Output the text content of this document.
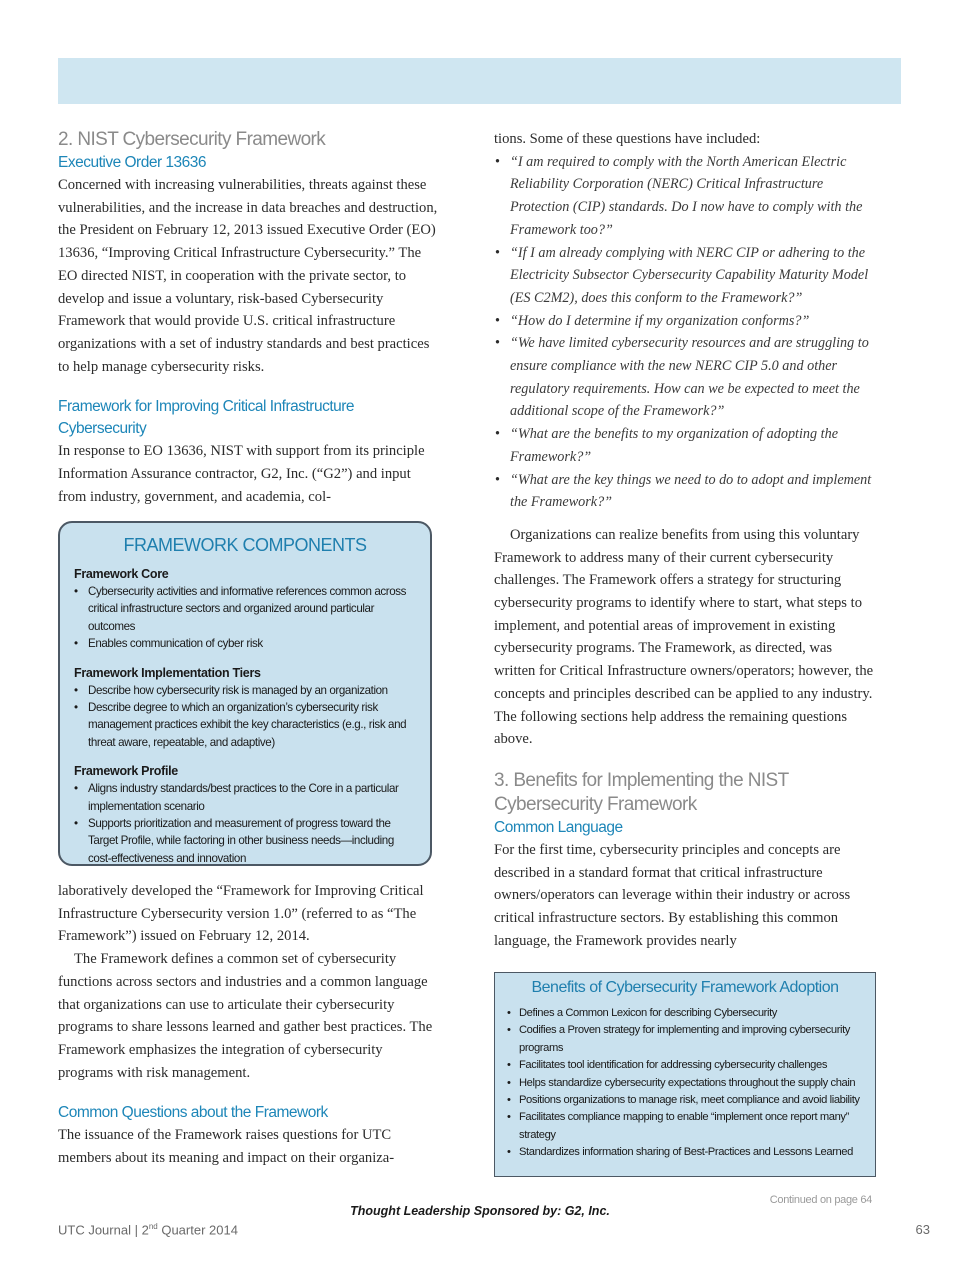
2. NIST Cybersecurity Framework
Executive Order 13636

Concerned with increasing vulnerabilities, threats against these vulnerabilities, and the increase in data breaches and destruction, the President on February 12, 2013 issued Executive Order (EO) 13636, “Improving Critical Infrastructure Cybersecurity.” The EO directed NIST, in cooperation with the private sector, to develop and issue a voluntary, risk-based Cybersecurity Framework that would provide U.S. critical infrastructure organizations with a set of industry standards and best practices to help manage cybersecurity risks.

Framework for Improving Critical Infrastructure Cybersecurity

In response to EO 13636, NIST with support from its principle Information Assurance contractor, G2, Inc. (“G2”) and input from industry, government, and academia, col-

FRAMEWORK COMPONENTS
Framework Core
• Cybersecurity activities and informative references common across critical infrastructure sectors and organized around particular outcomes
• Enables communication of cyber risk
Framework Implementation Tiers
• Describe how cybersecurity risk is managed by an organization
• Describe degree to which an organization’s cybersecurity risk management practices exhibit the key characteristics (e.g., risk and threat aware, repeatable, and adaptive)
Framework Profile
• Aligns industry standards/best practices to the Core in a particular implementation scenario
• Supports prioritization and measurement of progress toward the Target Profile, while factoring in other business needs—including cost-effectiveness and innovation

laboratively developed the “Framework for Improving Critical Infrastructure Cybersecurity version 1.0” (referred to as “The Framework”) issued on February 12, 2014.

The Framework defines a common set of cybersecurity functions across sectors and industries and a common language that organizations can use to articulate their cybersecurity programs to share lessons learned and gather best practices. The Framework emphasizes the integration of cybersecurity programs with risk management.

Common Questions about the Framework

The issuance of the Framework raises questions for UTC members about its meaning and impact on their organiza-

tions. Some of these questions have included:

• “I am required to comply with the North American Electric Reliability Corporation (NERC) Critical Infrastructure Protection (CIP) standards. Do I now have to comply with the Framework too?”
• “If I am already complying with NERC CIP or adhering to the Electricity Subsector Cybersecurity Capability Maturity Model (ES C2M2), does this conform to the Framework?”
• “How do I determine if my organization conforms?”
• “We have limited cybersecurity resources and are struggling to ensure compliance with the new NERC CIP 5.0 and other regulatory requirements. How can we be expected to meet the additional scope of the Framework?”
• “What are the benefits to my organization of adopting the Framework?”
• “What are the key things we need to do to adopt and implement the Framework?”

Organizations can realize benefits from using this voluntary Framework to address many of their current cybersecurity challenges. The Framework offers a strategy for structuring cybersecurity programs to identify where to start, what steps to implement, and potential areas of improvement in existing cybersecurity programs. The Framework, as directed, was written for Critical Infrastructure owners/operators; however, the concepts and principles described can be applied to any industry. The following sections help address the remaining questions above.

3. Benefits for Implementing the NIST Cybersecurity Framework
Common Language

For the first time, cybersecurity principles and concepts are described in a standard format that critical infrastructure owners/operators can leverage within their industry or across critical infrastructure sectors. By establishing this common language, the Framework provides nearly

Benefits of Cybersecurity Framework Adoption
• Defines a Common Lexicon for describing Cybersecurity
• Codifies a Proven strategy for implementing and improving cybersecurity programs
• Facilitates tool identification for addressing cybersecurity challenges
• Helps standardize cybersecurity expectations throughout the supply chain
• Positions organizations to manage risk, meet compliance and avoid liability
• Facilitates compliance mapping to enable “implement once report many” strategy
• Standardizes information sharing of Best-Practices and Lessons Learned
Continued on page 64
Thought Leadership Sponsored by: G2, Inc.
UTC Journal | 2nd Quarter 2014	63
